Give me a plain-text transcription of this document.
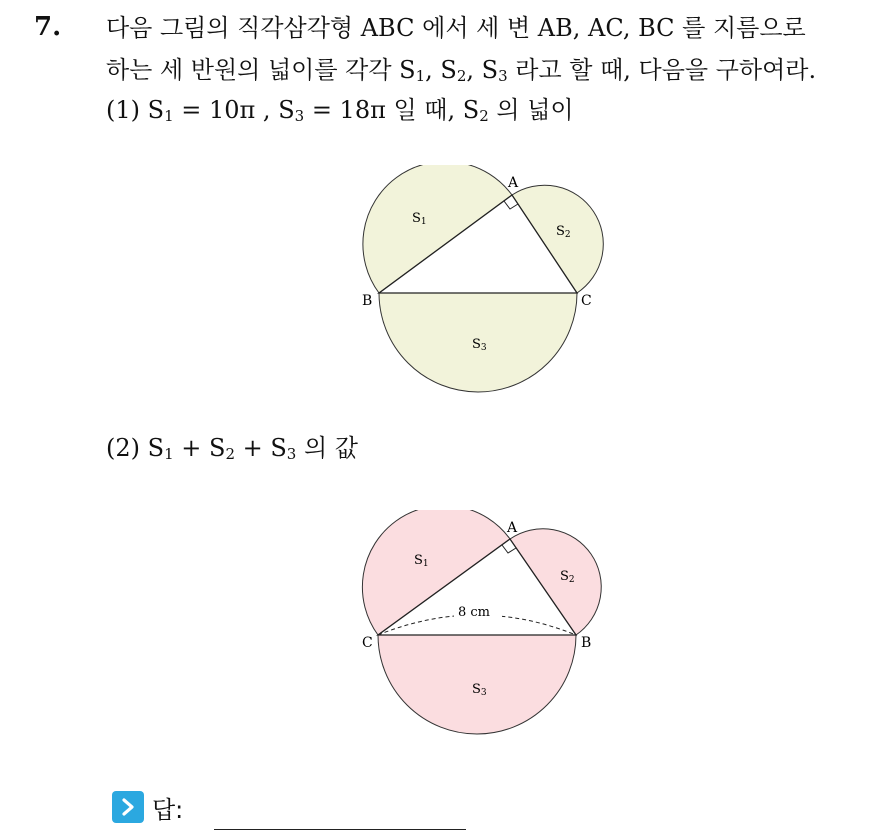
7. 다음 그림의 직각삼각형 ABC 에서 세 변 AB, AC, BC 를 지름으로
하는 세 반원의 넓이를 각각 $S_1$, $S_2$, $S_3$ 라고 할 때, 다음을 구하여라.
(1) $S_1 = 10\pi$ , $S_3 = 18\pi$ 일 때, $S_2$ 의 넓이
A
B	C
S1
S2
S3
(2) $S_1 + S_2 + S_3$ 의 값
8 cm
A
C	B
S1
S2
S3
답:
